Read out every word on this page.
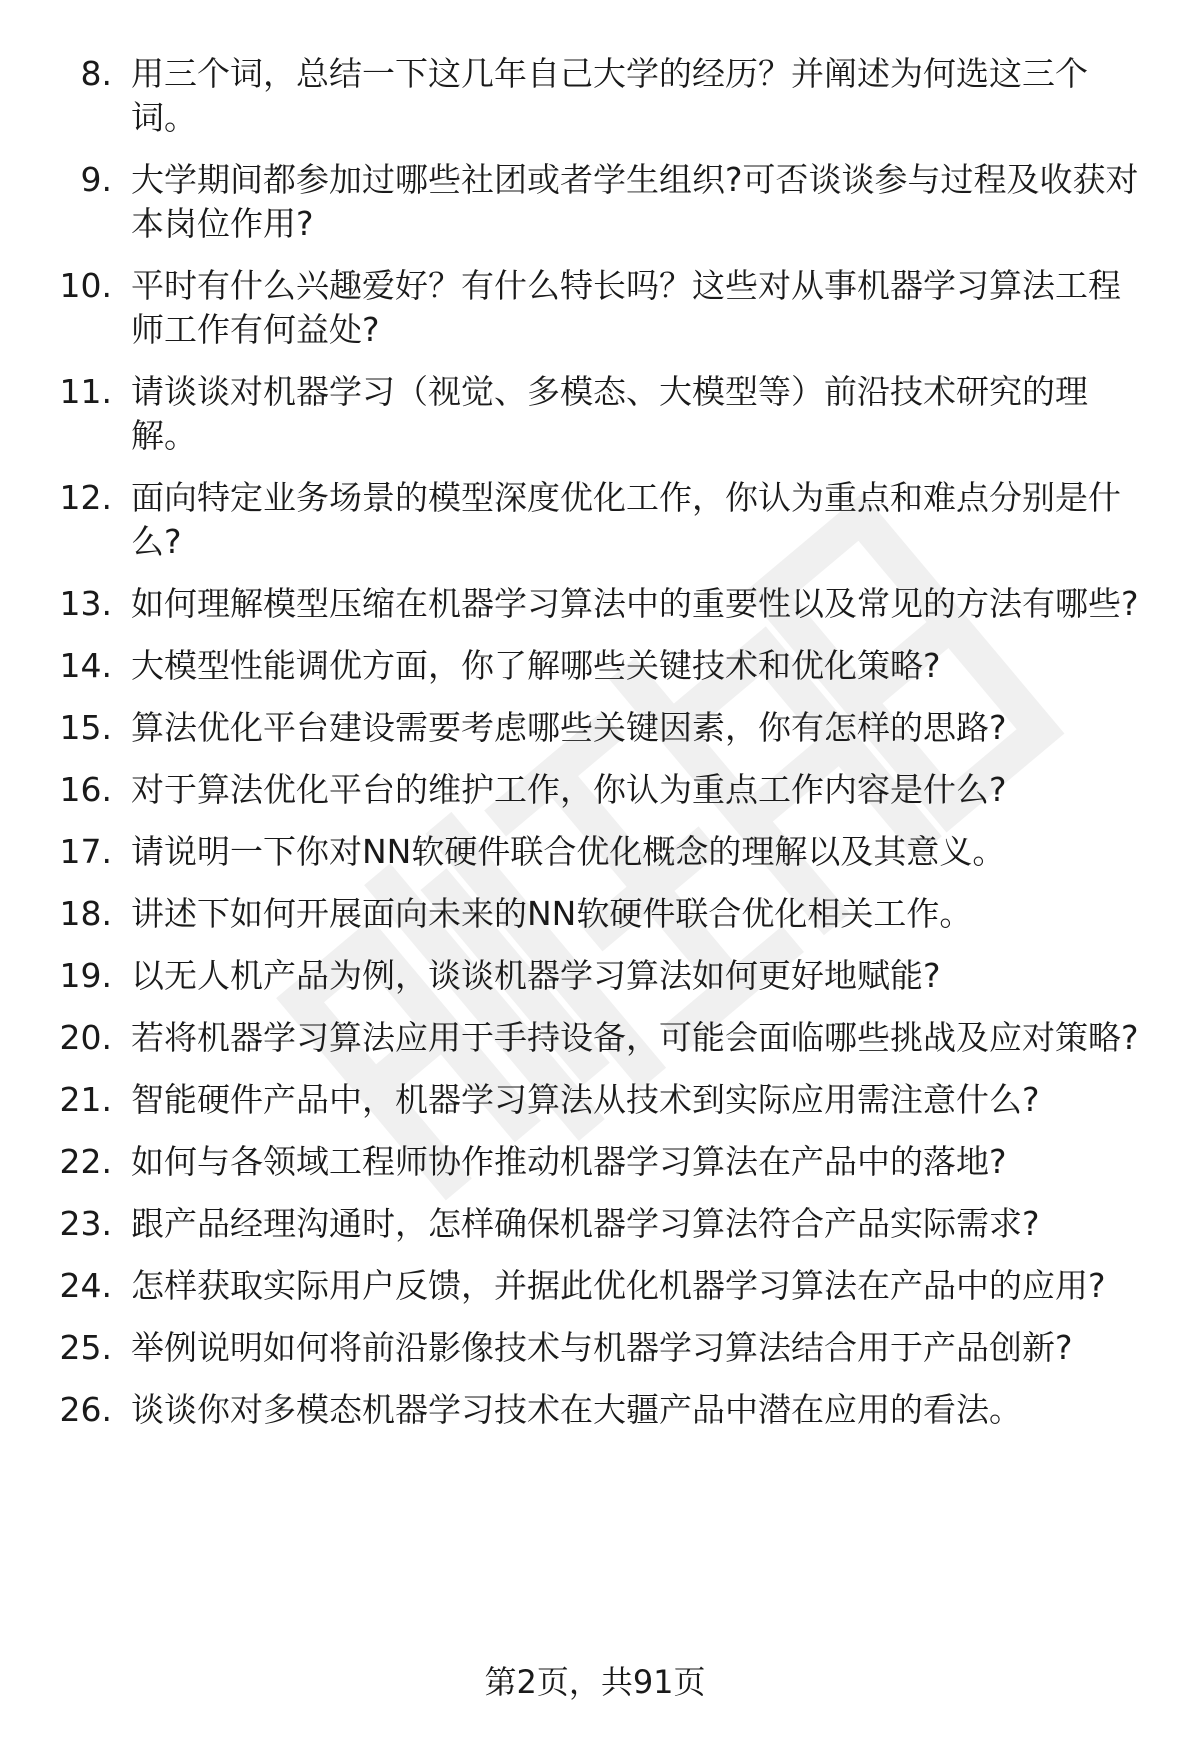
8. 用三个词，总结一下这几年自己大学的经历？并阐述为何选这三个词。
9. 大学期间都参加过哪些社团或者学生组织?可否谈谈参与过程及收获对本岗位作用?
10. 平时有什么兴趣爱好？有什么特长吗？这些对从事机器学习算法工程师工作有何益处?
11. 请谈谈对机器学习（视觉、多模态、大模型等）前沿技术研究的理解。
12. 面向特定业务场景的模型深度优化工作，你认为重点和难点分别是什么?
13. 如何理解模型压缩在机器学习算法中的重要性以及常见的方法有哪些?
14. 大模型性能调优方面，你了解哪些关键技术和优化策略?
15. 算法优化平台建设需要考虑哪些关键因素，你有怎样的思路?
16. 对于算法优化平台的维护工作，你认为重点工作内容是什么?
17. 请说明一下你对NN软硬件联合优化概念的理解以及其意义。
18. 讲述下如何开展面向未来的NN软硬件联合优化相关工作。
19. 以无人机产品为例，谈谈机器学习算法如何更好地赋能?
20. 若将机器学习算法应用于手持设备，可能会面临哪些挑战及应对策略?
21. 智能硬件产品中，机器学习算法从技术到实际应用需注意什么?
22. 如何与各领域工程师协作推动机器学习算法在产品中的落地?
23. 跟产品经理沟通时，怎样确保机器学习算法符合产品实际需求?
24. 怎样获取实际用户反馈，并据此优化机器学习算法在产品中的应用?
25. 举例说明如何将前沿影像技术与机器学习算法结合用于产品创新?
26. 谈谈你对多模态机器学习技术在大疆产品中潜在应用的看法。
第2页，共91页
